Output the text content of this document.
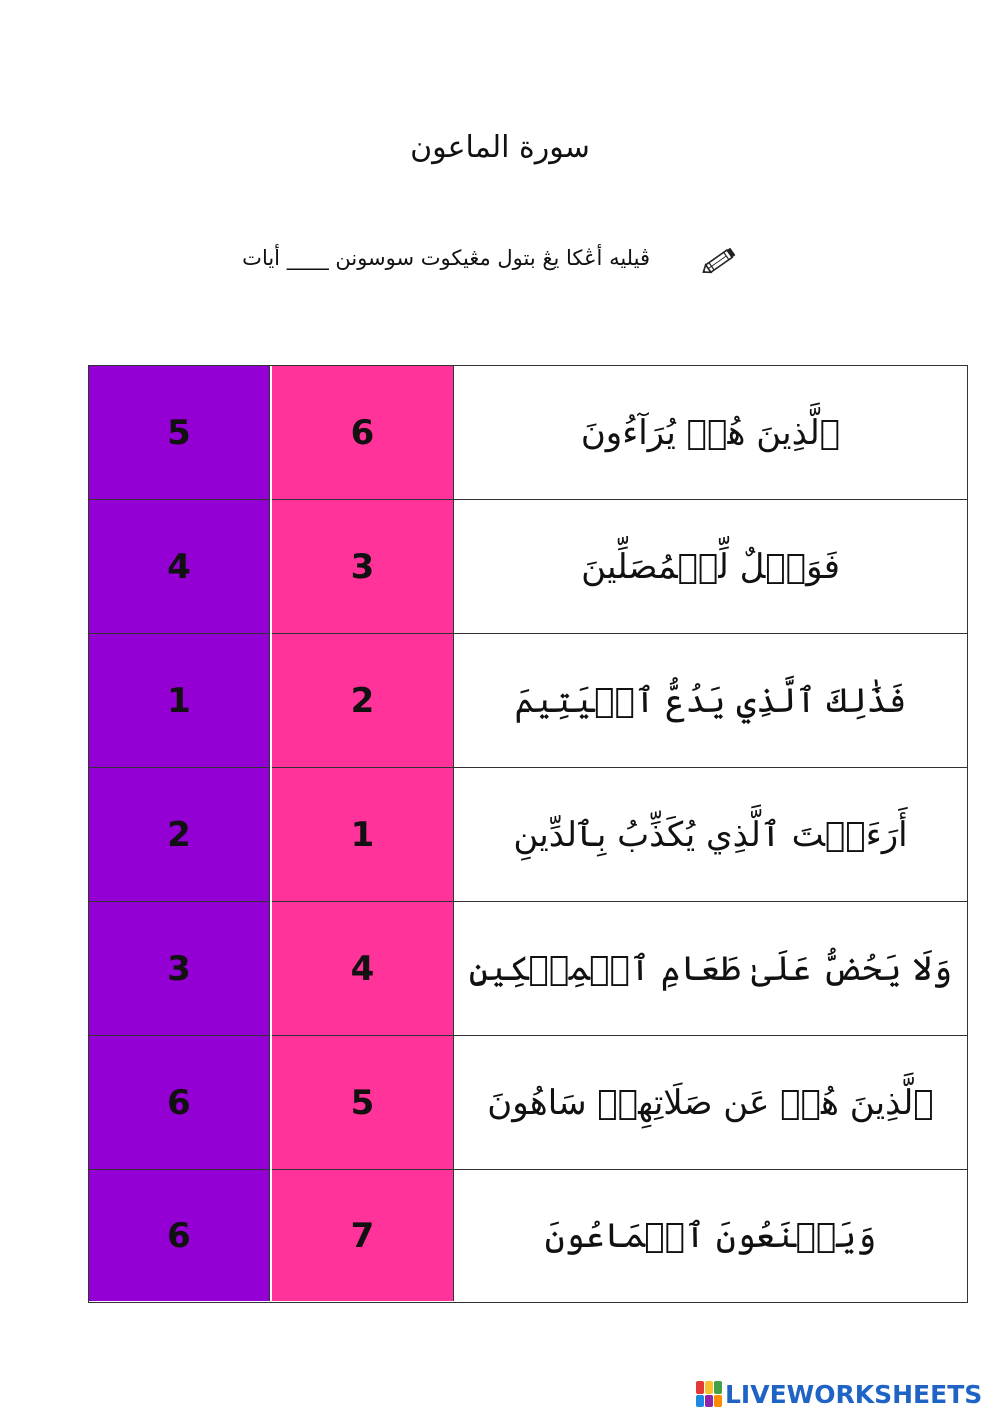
سورة الماعون
ڤيليه أڠكا يڠ بتول مڠيكوت سوسونن ____ أيات
5	6	ٱلَّذِينَ هُمۡ يُرَآءُونَ
4	3	فَوَيۡلٌ لِّلۡمُصَلِّينَ
1	2	فَذَٰلِكَ ٱلَّذِي يَدُعُّ ٱلۡيَتِيمَ
2	1	أَرَءَيۡتَ ٱلَّذِي يُكَذِّبُ بِٱلدِّينِ
3	4	وَلَا يَحُضُّ عَلَىٰ طَعَامِ ٱلۡمِسۡكِينِ
6	5	ٱلَّذِينَ هُمۡ عَن صَلَاتِهِمۡ سَاهُونَ
6	7	وَيَمۡنَعُونَ ٱلۡمَاعُونَ
LIVEWORKSHEETS
